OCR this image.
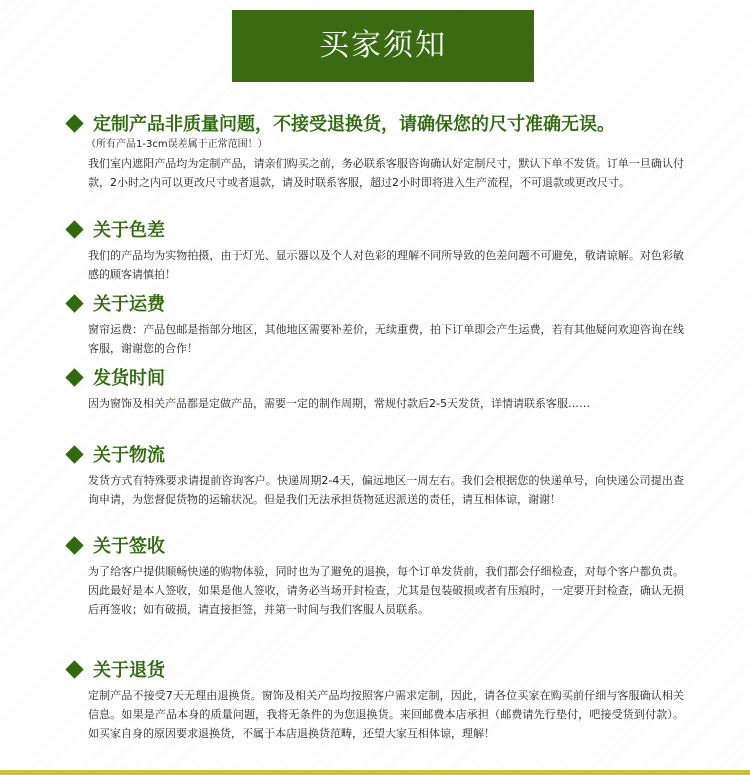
买家须知
定制产品非质量问题，不接受退换货，请确保您的尺寸准确无误。
（所有产品1-3cm误差属于正常范围！）
我们室内遮阳产品均为定制产品，请亲们购买之前，务必联系客服咨询确认好定制尺寸，默认下单不发货。订单一旦确认付款，2小时之内可以更改尺寸或者退款，请及时联系客服，超过2小时即将进入生产流程，不可退款或更改尺寸。
关于色差
我们的产品均为实物拍摄，由于灯光、显示器以及个人对色彩的理解不同所导致的色差问题不可避免，敬请谅解。对色彩敏感的顾客请慎拍！
关于运费
窗帘运费：产品包邮是指部分地区，其他地区需要补差价，无续重费，拍下订单即会产生运费，若有其他疑问欢迎咨询在线客服，谢谢您的合作！
发货时间
因为窗饰及相关产品都是定做产品，需要一定的制作周期，常规付款后2-5天发货，详情请联系客服……
关于物流
发货方式有特殊要求请提前咨询客户。快递周期2-4天，偏远地区一周左右。我们会根据您的快递单号，向快递公司提出查询申请，为您督促货物的运输状况。但是我们无法承担货物延迟派送的责任，请互相体谅，谢谢！
关于签收
为了给客户提供顺畅快递的购物体验，同时也为了避免的退换，每个订单发货前，我们都会仔细检查，对每个客户都负责。因此最好是本人签收，如果是他人签收，请务必当场开封检查，尤其是包装破损或者有压痕时，一定要开封检查，确认无损后再签收；如有破损，请直接拒签，并第一时间与我们客服人员联系。
关于退货
定制产品不接受7天无理由退换货。窗饰及相关产品均按照客户需求定制，因此，请各位买家在购买前仔细与客服确认相关信息。如果是产品本身的质量问题，我将无条件的为您退换货。来回邮费本店承担（邮费请先行垫付，吧接受货到付款）。如买家自身的原因要求退换货，不属于本店退换货范畴，还望大家互相体谅，理解！
